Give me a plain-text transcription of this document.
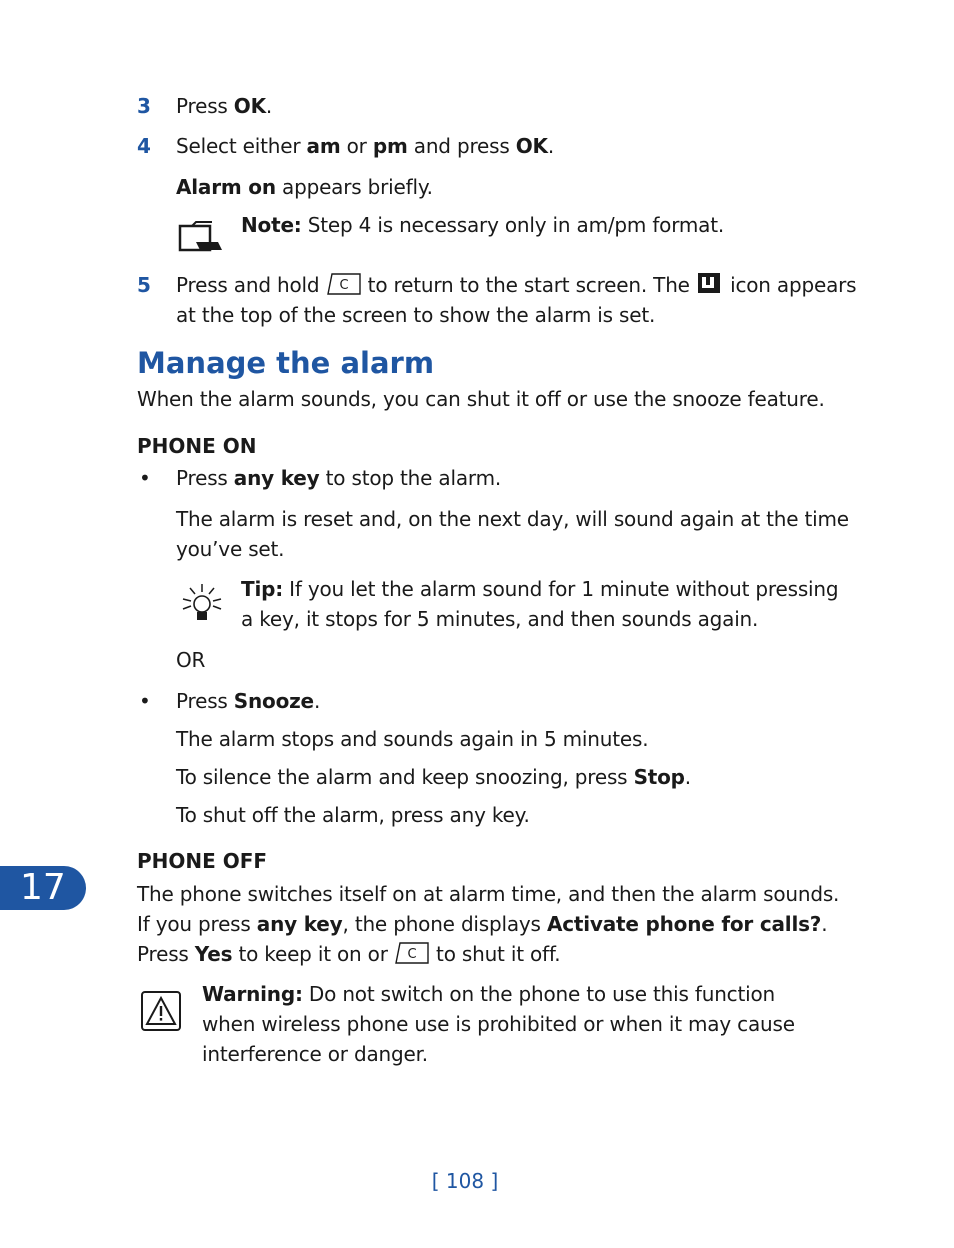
3 Press OK.
4 Select either am or pm and press OK.
Alarm on appears briefly.
Note: Step 4 is necessary only in am/pm format.
5 Press and hold C to return to the start screen. The  icon appears
at the top of the screen to show the alarm is set.
Manage the alarm
When the alarm sounds, you can shut it off or use the snooze feature.
PHONE ON
• Press any key to stop the alarm.
The alarm is reset and, on the next day, will sound again at the time
you’ve set.
Tip: If you let the alarm sound for 1 minute without pressing
a key, it stops for 5 minutes, and then sounds again.
OR
• Press Snooze.
The alarm stops and sounds again in 5 minutes.
To silence the alarm and keep snoozing, press Stop.
To shut off the alarm, press any key.
PHONE OFF
The phone switches itself on at alarm time, and then the alarm sounds.
If you press any key, the phone displays Activate phone for calls?.
Press Yes to keep it on or C to shut it off.
Warning: Do not switch on the phone to use this function
when wireless phone use is prohibited or when it may cause
interference or danger.
17
[ 108 ]
